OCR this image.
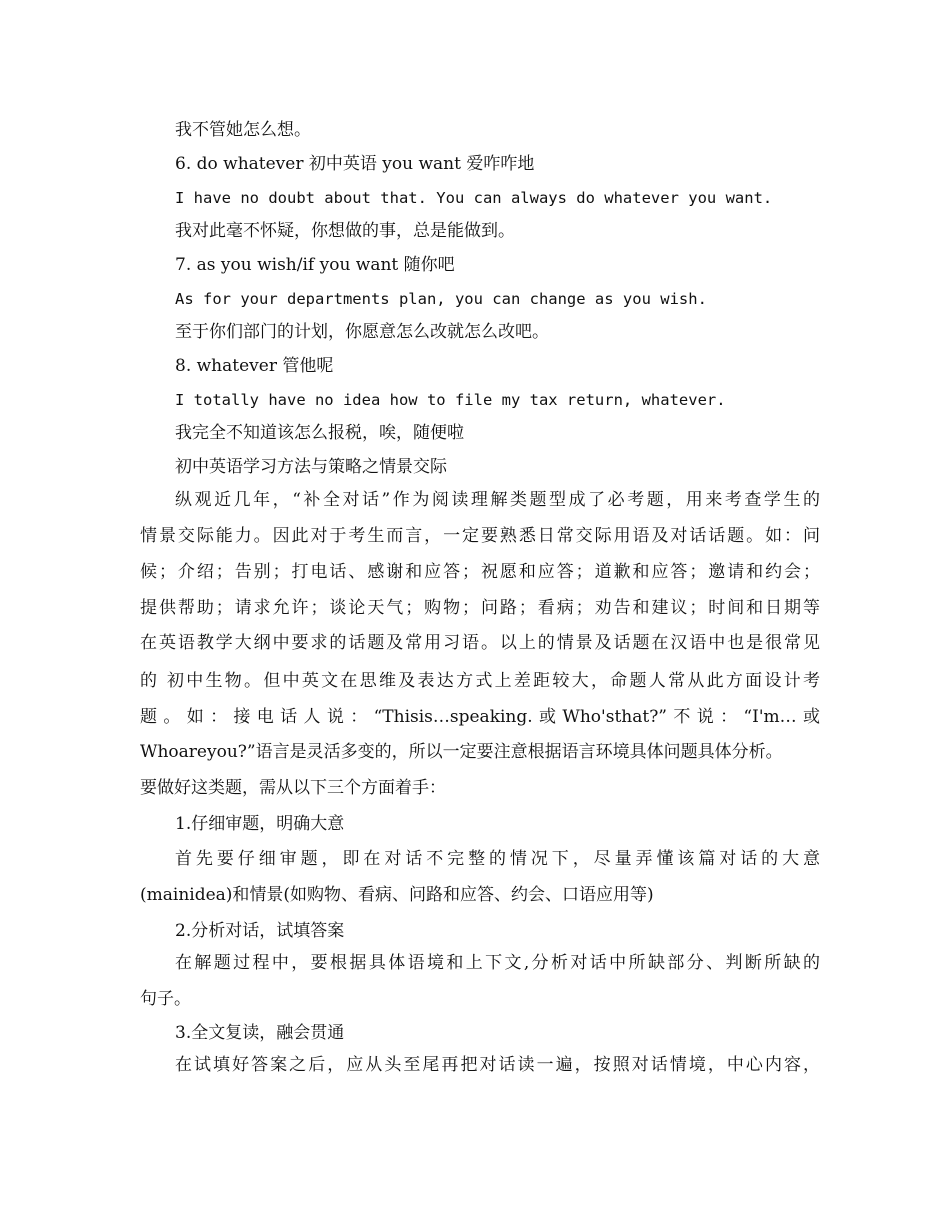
我不管她怎么想。
6. do whatever 初中英语 you want 爱咋咋地
I have no doubt about that. You can always do whatever you want.
我对此毫不怀疑，你想做的事，总是能做到。
7. as you wish/if you want 随你吧
As for your departments plan, you can change as you wish.
至于你们部门的计划，你愿意怎么改就怎么改吧。
8. whatever 管他呢
I totally have no idea how to file my tax return, whatever.
我完全不知道该怎么报税，唉，随便啦
初中英语学习方法与策略之情景交际
纵观近几年，“补全对话”作为阅读理解类题型成了必考题，用来考查学生的
情景交际能力。因此对于考生而言，一定要熟悉日常交际用语及对话话题。如：问
候；介绍；告别；打电话、感谢和应答；祝愿和应答；道歉和应答；邀请和约会；
提供帮助；请求允许；谈论天气；购物；问路；看病；劝告和建议；时间和日期等
在英语教学大纲中要求的话题及常用习语。以上的情景及话题在汉语中也是很常见
的 初中生物。但中英文在思维及表达方式上差距较大，命题人常从此方面设计考
题。如：接电话人说：“Thisis…speaking.或Who'sthat?”不说：“I'm…或
Whoareyou?”语言是灵活多变的，所以一定要注意根据语言环境具体问题具体分析。
要做好这类题，需从以下三个方面着手：
1.仔细审题，明确大意
首先要仔细审题，即在对话不完整的情况下，尽量弄懂该篇对话的大意
(mainidea)和情景(如购物、看病、问路和应答、约会、口语应用等)
2.分析对话，试填答案
在解题过程中，要根据具体语境和上下文,分析对话中所缺部分、判断所缺的
句子。
3.全文复读，融会贯通
在试填好答案之后，应从头至尾再把对话读一遍，按照对话情境，中心内容，
